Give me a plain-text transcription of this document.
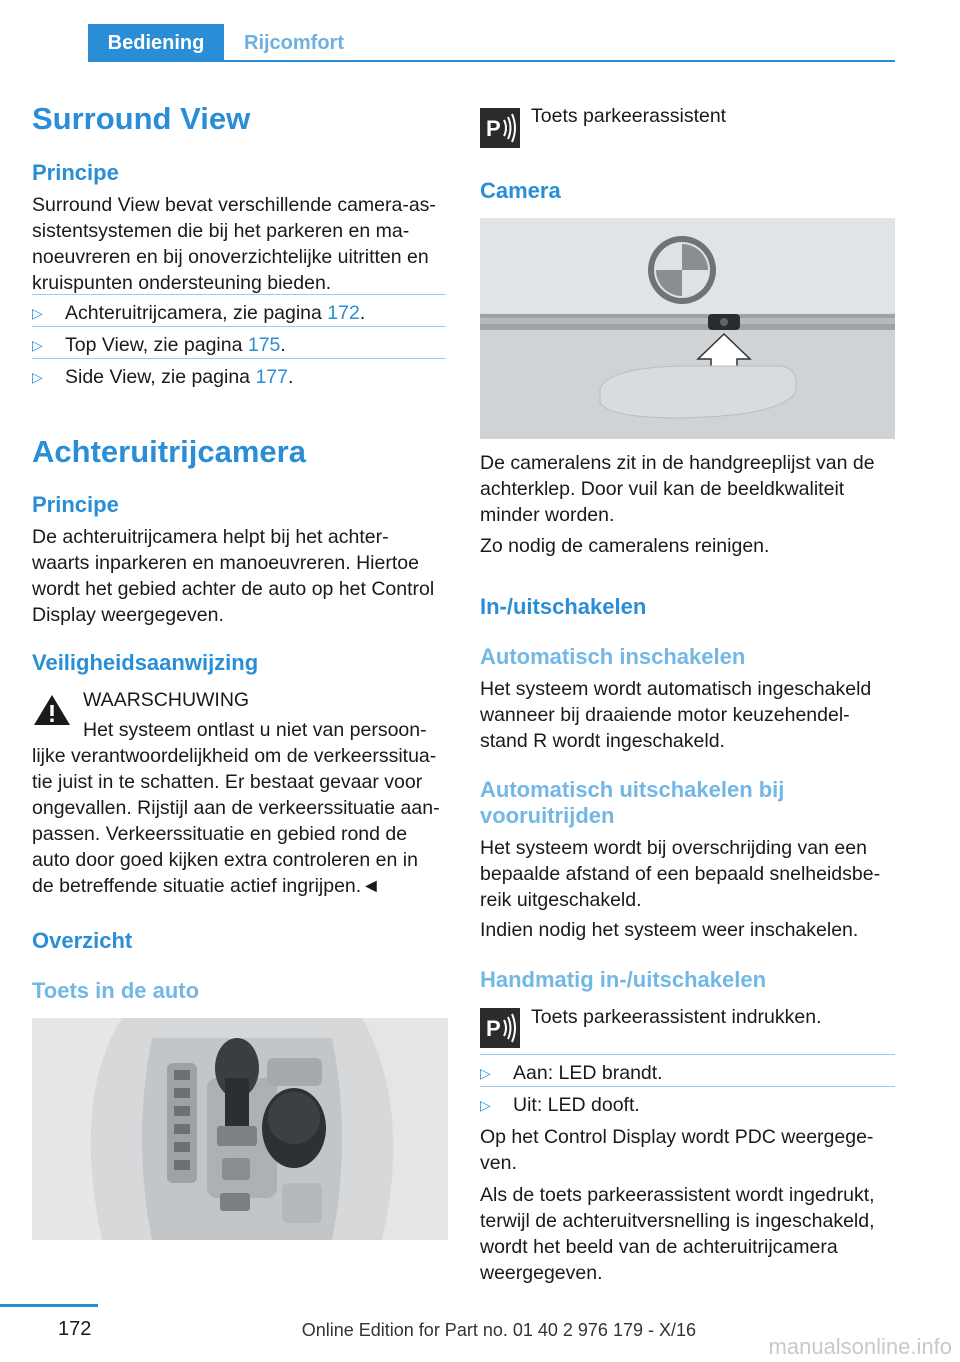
Bediening	Rijcomfort
Surround View
Principe
Surround View bevat verschillende camera-as-
sistentsystemen die bij het parkeren en ma-
noeuvreren en bij onoverzichtelijke uitritten en
kruispunten ondersteuning bieden.
▷ Achteruitrijcamera, zie pagina 172.
▷ Top View, zie pagina 175.
▷ Side View, zie pagina 177.
Achteruitrijcamera
Principe
De achteruitrijcamera helpt bij het achter-
waarts inparkeren en manoeuvreren. Hiertoe
wordt het gebied achter de auto op het Control
Display weergegeven.
Veiligheidsaanwijzing
WAARSCHUWING
Het systeem ontlast u niet van persoon-
lijke verantwoordelijkheid om de verkeerssitua-
tie juist in te schatten. Er bestaat gevaar voor
ongevallen. Rijstijl aan de verkeerssituatie aan-
passen. Verkeerssituatie en gebied rond de
auto door goed kijken extra controleren en in
de betreffende situatie actief ingrijpen.◄
Overzicht
Toets in de auto
P Toets parkeerassistent
Camera
De cameralens zit in de handgreeplijst van de
achterklep. Door vuil kan de beeldkwaliteit
minder worden.
Zo nodig de cameralens reinigen.
In-/uitschakelen
Automatisch inschakelen
Het systeem wordt automatisch ingeschakeld
wanneer bij draaiende motor keuzehendel-
stand R wordt ingeschakeld.
Automatisch uitschakelen bij
vooruitrijden
Het systeem wordt bij overschrijding van een
bepaalde afstand of een bepaald snelheidsbe-
reik uitgeschakeld.
Indien nodig het systeem weer inschakelen.
Handmatig in-/uitschakelen
P Toets parkeerassistent indrukken.
▷ Aan: LED brandt.
▷ Uit: LED dooft.
Op het Control Display wordt PDC weergege-
ven.
Als de toets parkeerassistent wordt ingedrukt,
terwijl de achteruitversnelling is ingeschakeld,
wordt het beeld van de achteruitrijcamera
weergegeven.
172	Online Edition for Part no. 01 40 2 976 179 - X/16
manualsonline.info
